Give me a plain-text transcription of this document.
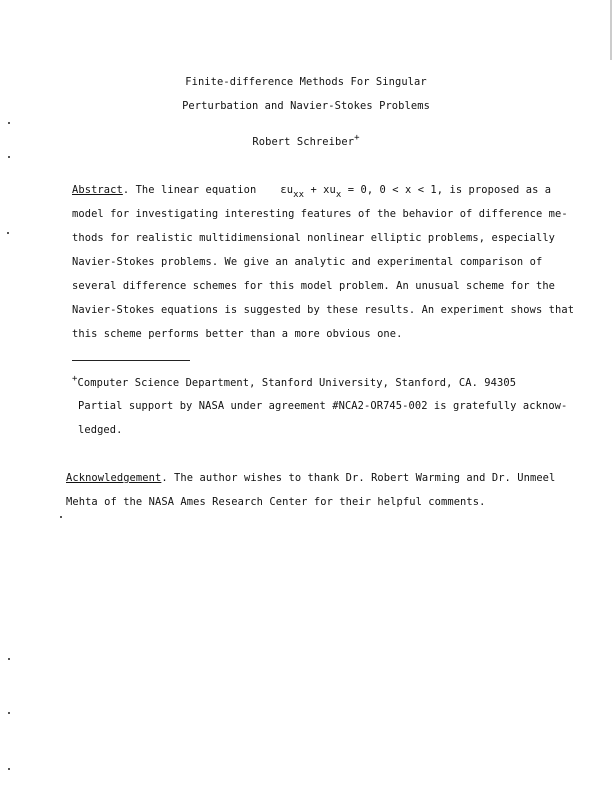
Finite-difference Methods For Singular
Perturbation and Navier-Stokes Problems
Robert Schreiber+
Abstract. The linear equation $\varepsilon u_{xx} + xu_x = 0$, 0 < x < 1, is proposed as a
model for investigating interesting features of the behavior of difference me-
thods for realistic multidimensional nonlinear elliptic problems, especially
Navier-Stokes problems. We give an analytic and experimental comparison of
several difference schemes for this model problem. An unusual scheme for the
Navier-Stokes equations is suggested by these results. An experiment shows that
this scheme performs better than a more obvious one.
+Computer Science Department, Stanford University, Stanford, CA. 94305
Partial support by NASA under agreement #NCA2-OR745-002 is gratefully acknow-
ledged.
Acknowledgement. The author wishes to thank Dr. Robert Warming and Dr. Unmeel
Mehta of the NASA Ames Research Center for their helpful comments.
